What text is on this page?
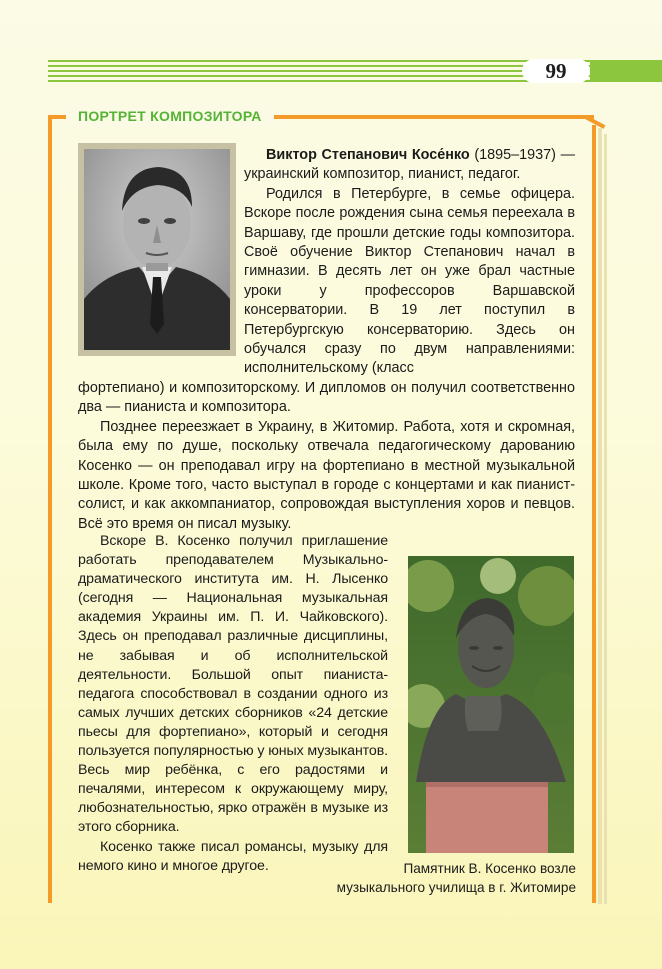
99
ПОРТРЕТ КОМПОЗИТОРА

Виктор Степанович Косе́нко (1895–1937) — украинский композитор, пианист, педагог.

Родился в Петербурге, в семье офицера. Вскоре после рождения сына семья переехала в Варшаву, где прошли детские годы композитора. Своё обучение Виктор Степанович начал в гимназии. В десять лет он уже брал частные уроки у профессоров Варшавской консерватории. В 19 лет поступил в Петербургскую консерваторию. Здесь он обучался сразу по двум направлениями: исполнительскому (класс

фортепиано) и композиторскому. И дипломов он получил соответственно два — пианиста и композитора.

Позднее переезжает в Украину, в Житомир. Работа, хотя и скромная, была ему по душе, поскольку отвечала педагогическому дарованию Косенко — он преподавал игру на фортепиано в местной музыкальной школе. Кроме того, часто выступал в городе с концертами и как пианист-солист, и как аккомпаниатор, сопровождая выступления хоров и певцов. Всё это время он писал музыку.

Вскоре В. Косенко получил приглашение работать преподавателем Музыкально-драматического института им. Н. Лысенко (сегодня — Национальная музыкальная академия Украины им. П. И. Чайковского). Здесь он преподавал различные дисциплины, не забывая и об исполнительской деятельности. Большой опыт пианиста-педагога способствовал в создании одного из самых лучших детских сборников «24 детские пьесы для фортепиано», который и сегодня пользуется популярностью у юных музыкантов. Весь мир ребёнка, с его радостями и печалями, интересом к окружающему миру, любознательностью, ярко отражён в музыке из этого сборника.

Косенко также писал романсы, музыку для немого кино и многое другое.	Памятник В. Косенко возле
музыкального училища в г. Житомире
